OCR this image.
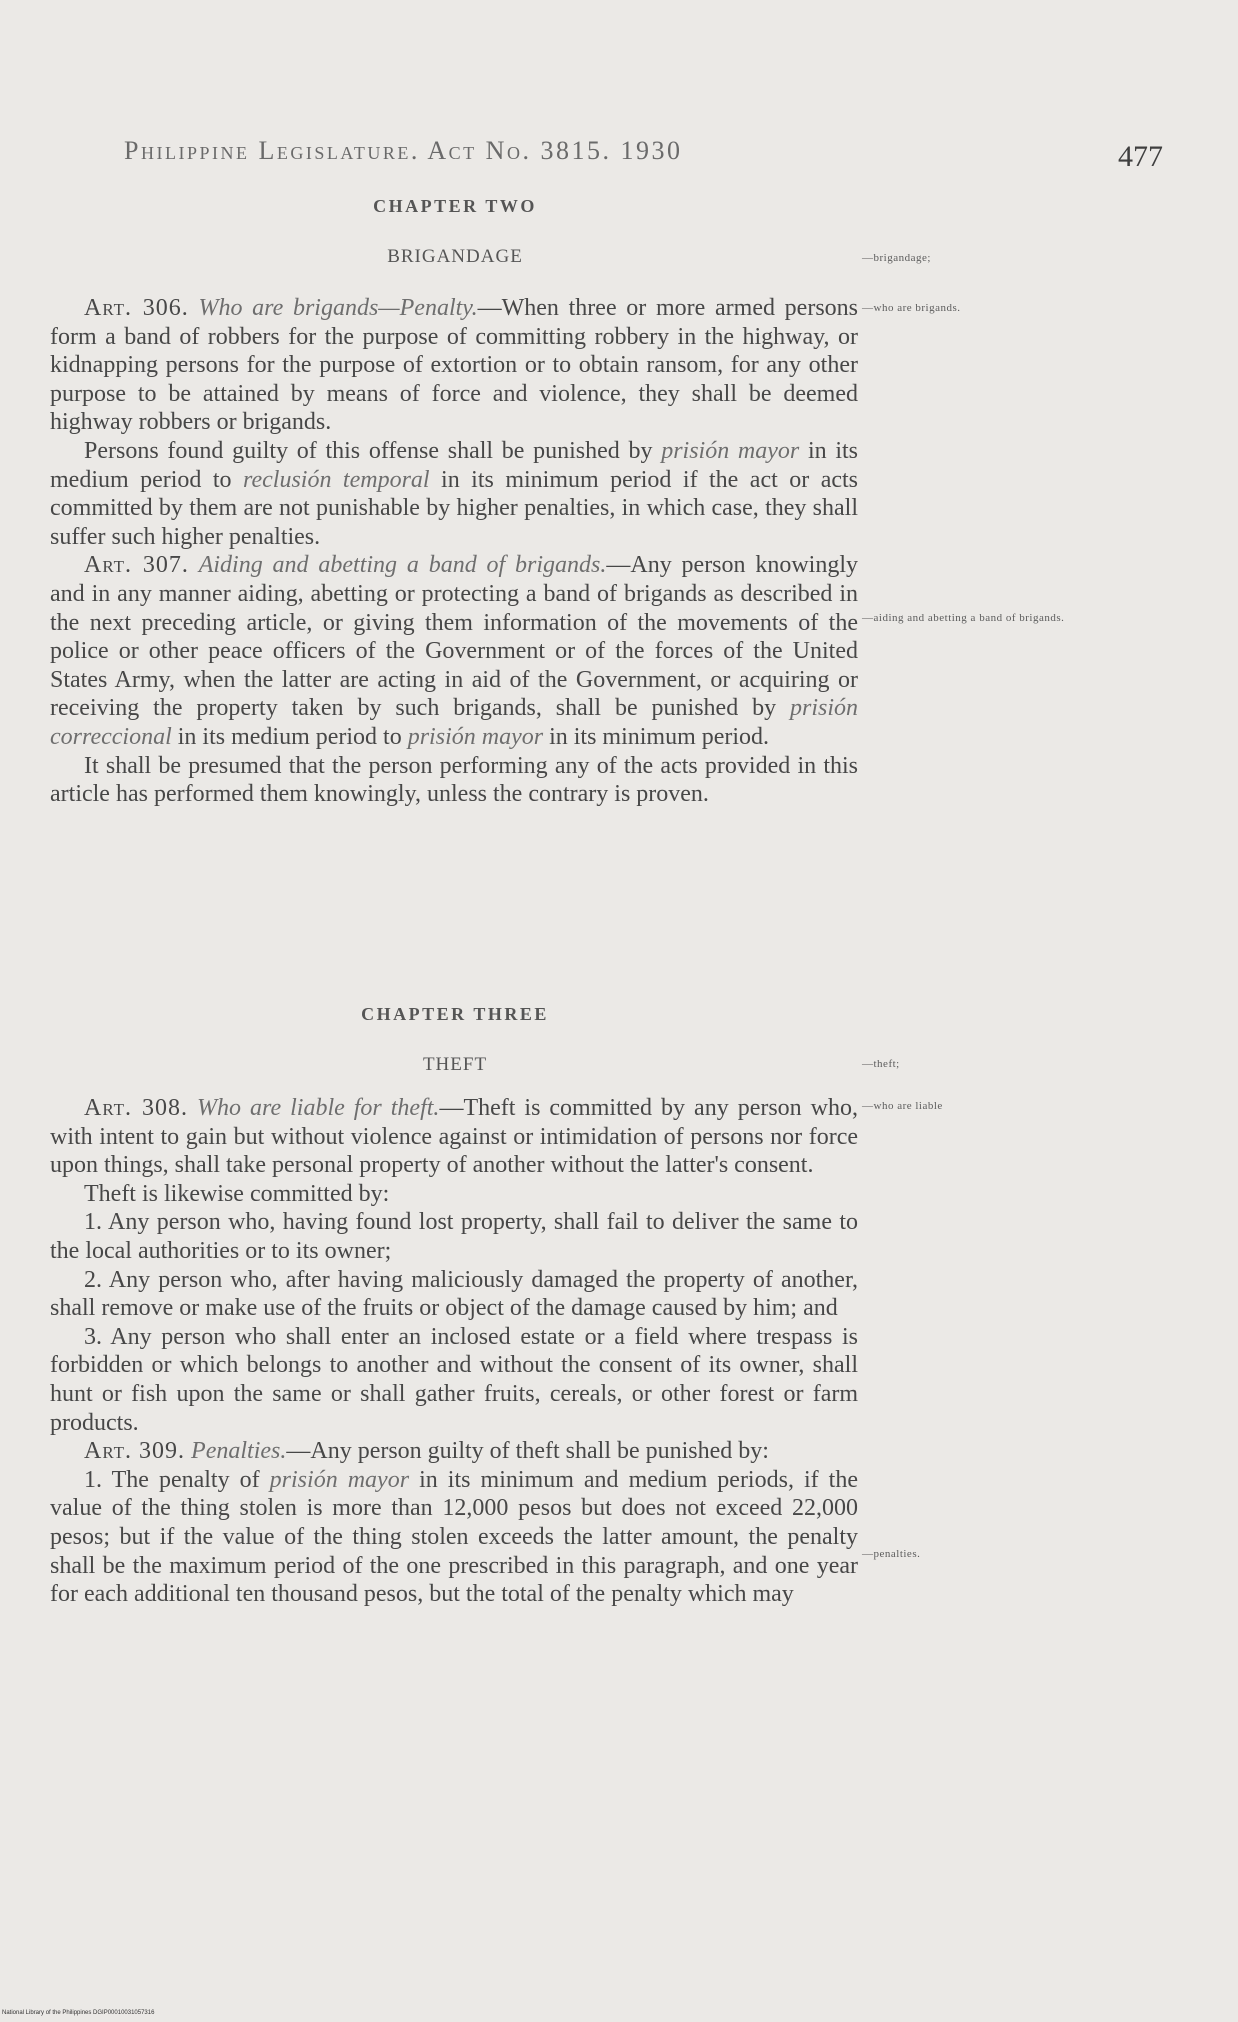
Philippine Legislature. Act No. 3815. 1930	477
CHAPTER TWO
BRIGANDAGE	—brigandage;
—who are brigands.

Art. 306. Who are brigands—Penalty.—When three or more armed persons form a band of robbers for the purpose of committing robbery in the highway, or kidnapping persons for the purpose of extortion or to obtain ransom, for any other purpose to be attained by means of force and violence, they shall be deemed highway robbers or brigands.

Persons found guilty of this offense shall be punished by prisión mayor in its medium period to reclusión temporal in its minimum period if the act or acts committed by them are not punishable by higher penalties, in which case, they shall suffer such higher penalties.

Art. 307. Aiding and abetting a band of brigands.—Any person knowingly and in any manner aiding, abetting or protecting a band of brigands as described in the next preceding article, or giving them information of the movements of the police or other peace officers of the Government or of the forces of the United States Army, when the latter are acting in aid of the Government, or acquiring or receiving the property taken by such brigands, shall be punished by prisión correccional in its medium period to prisión mayor in its minimum period.

It shall be presumed that the person performing any of the acts provided in this article has performed them knowingly, unless the contrary is proven.

—aiding and abetting a band of brigands.
CHAPTER THREE
THEFT	—theft;
—who are liable

Art. 308. Who are liable for theft.—Theft is committed by any person who, with intent to gain but without violence against or intimidation of persons nor force upon things, shall take personal property of another without the latter's consent.

Theft is likewise committed by:

1. Any person who, having found lost property, shall fail to deliver the same to the local authorities or to its owner;

2. Any person who, after having maliciously damaged the property of another, shall remove or make use of the fruits or object of the damage caused by him; and

3. Any person who shall enter an inclosed estate or a field where trespass is forbidden or which belongs to another and without the consent of its owner, shall hunt or fish upon the same or shall gather fruits, cereals, or other forest or farm products.

Art. 309. Penalties.—Any person guilty of theft shall be punished by:

1. The penalty of prisión mayor in its minimum and medium periods, if the value of the thing stolen is more than 12,000 pesos but does not exceed 22,000 pesos; but if the value of the thing stolen exceeds the latter amount, the penalty shall be the maximum period of the one prescribed in this paragraph, and one year for each additional ten thousand pesos, but the total of the penalty which may

—penalties.
National Library of the Philippines DGIP00010031057316
